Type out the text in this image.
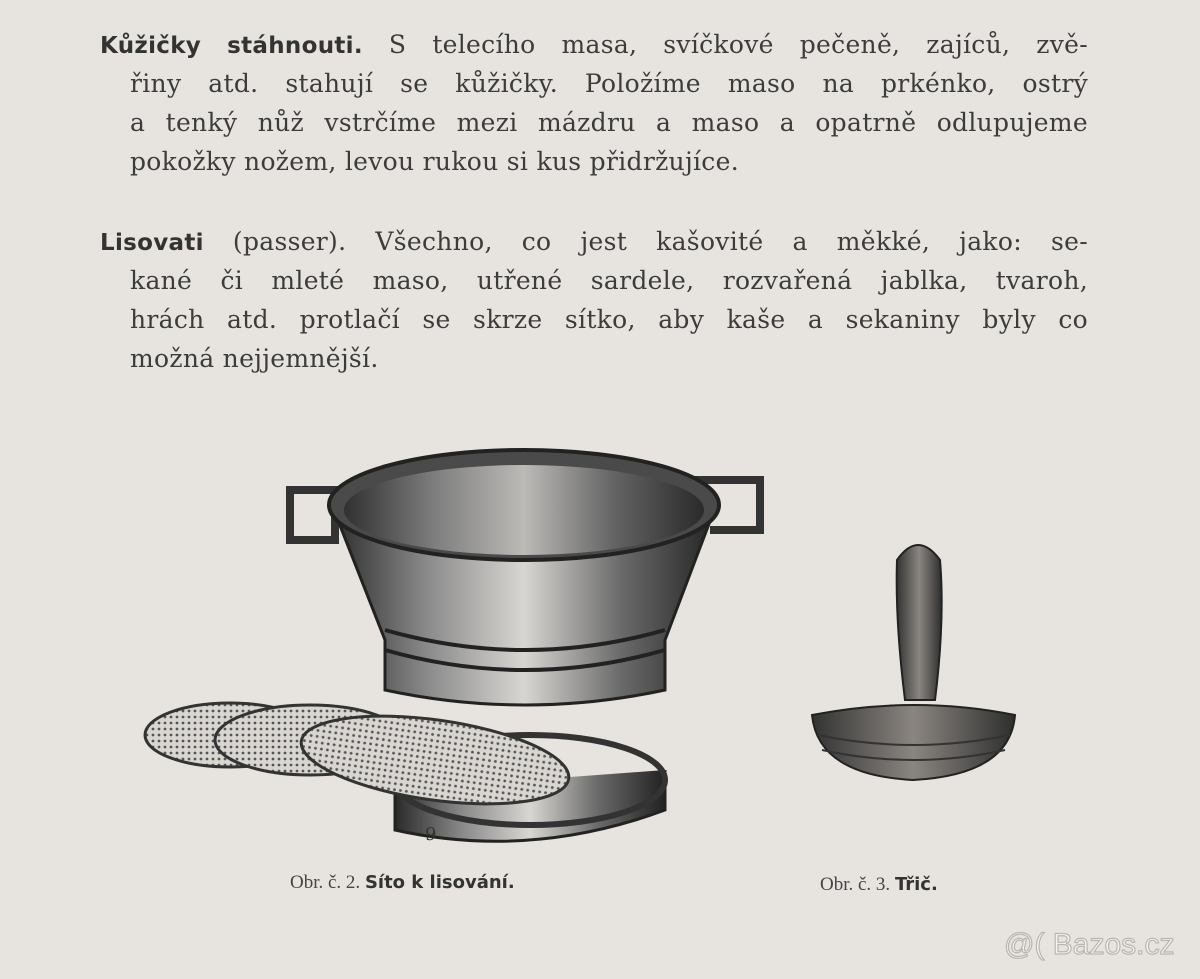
Kůžičky stáhnouti. S telecího masa, svíčkové pečeně, zajíců, zvě-
řiny atd. stahují se kůžičky. Položíme maso na prkénko, ostrý
a tenký nůž vstrčíme mezi mázdru a maso a opatrně odlupujeme
pokožky nožem, levou rukou si kus přidržujíce.
Lisovati (passer). Všechno, co jest kašovité a měkké, jako: se-
kané či mleté maso, utřené sardele, rozvařená jablka, tvaroh,
hrách atd. protlačí se skrze sítko, aby kaše a sekaniny byly co
možná nejjemnější.
9
Obr. č. 2. Síto k lisování.	Obr. č. 3. Třič.
@( Bazos.cz
